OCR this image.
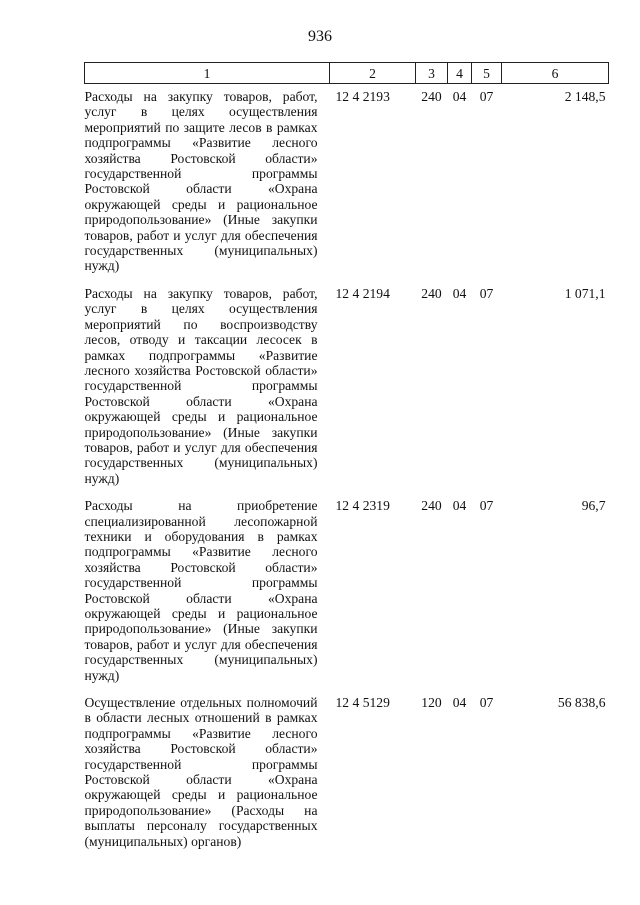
936
1	2	3	4	5	6
Расходы на закупку товаров, работ, услуг в целях осуществления мероприятий по защите лесов в рамках подпрограммы «Развитие лесного хозяйства Ростовской области» государственной программы Ростовской области «Охрана окружающей среды и рациональное природопользование» (Иные закупки товаров, работ и услуг для обеспечения государственных (муниципальных) нужд)	12 4 2193	240	04	07	2 148,5

Расходы на закупку товаров, работ, услуг в целях осуществления мероприятий по воспроизводству лесов, отводу и таксации лесосек в рамках подпрограммы «Развитие лесного хозяйства Ростовской области» государственной программы Ростовской области «Охрана окружающей среды и рациональное природопользование» (Иные закупки товаров, работ и услуг для обеспечения государственных (муниципальных) нужд)	12 4 2194	240	04	07	1 071,1

Расходы на приобретение специализированной лесопожарной техники и оборудования в рамках подпрограммы «Развитие лесного хозяйства Ростовской области» государственной программы Ростовской области «Охрана окружающей среды и рациональное природопользование» (Иные закупки товаров, работ и услуг для обеспечения государственных (муниципальных) нужд)	12 4 2319	240	04	07	96,7

Осуществление отдельных полномочий в области лесных отношений в рамках подпрограммы «Развитие лесного хозяйства Ростовской области» государственной программы Ростовской области «Охрана окружающей среды и рациональное природопользование» (Расходы на выплаты персоналу государственных (муниципальных) органов)	12 4 5129	120	04	07	56 838,6
